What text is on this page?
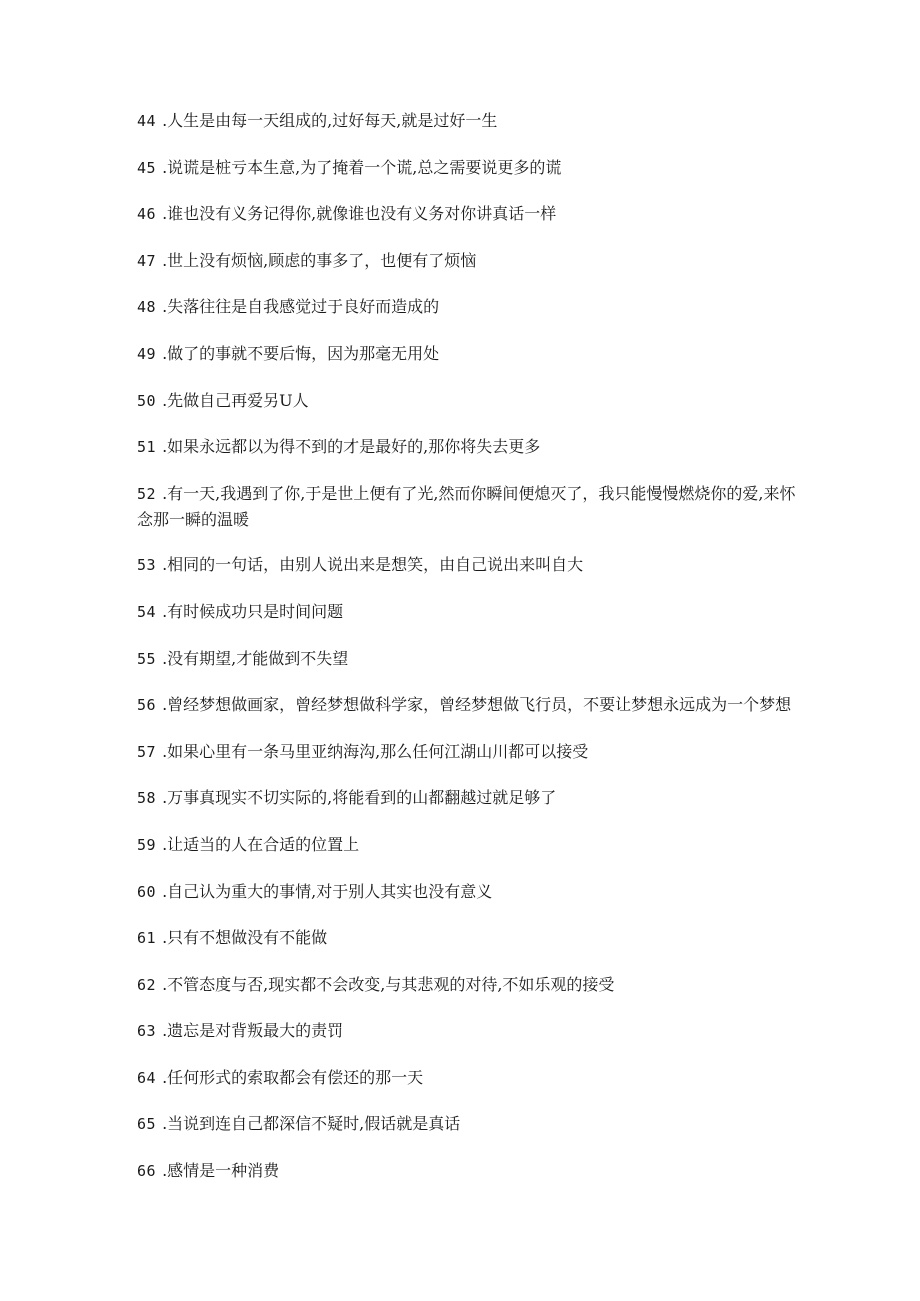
44 .人生是由每一天组成的,过好每天,就是过好一生
45 .说谎是桩亏本生意,为了掩着一个谎,总之需要说更多的谎
46 .谁也没有义务记得你,就像谁也没有义务对你讲真话一样
47 .世上没有烦恼,顾虑的事多了，也便有了烦恼
48 .失落往往是自我感觉过于良好而造成的
49 .做了的事就不要后悔，因为那毫无用处
50 .先做自己再爱另U人
51 .如果永远都以为得不到的才是最好的,那你将失去更多
52 .有一天,我遇到了你,于是世上便有了光,然而你瞬间便熄灭了，我只能慢慢燃烧你的爱,来怀念那一瞬的温暖
53 .相同的一句话，由别人说出来是想笑，由自己说出来叫自大
54 .有时候成功只是时间问题
55 .没有期望,才能做到不失望
56 .曾经梦想做画家，曾经梦想做科学家，曾经梦想做飞行员，不要让梦想永远成为一个梦想
57 .如果心里有一条马里亚纳海沟,那么任何江湖山川都可以接受
58 .万事真现实不切实际的,将能看到的山都翻越过就足够了
59 .让适当的人在合适的位置上
60 .自己认为重大的事情,对于别人其实也没有意义
61 .只有不想做没有不能做
62 .不管态度与否,现实都不会改变,与其悲观的对待,不如乐观的接受
63 .遗忘是对背叛最大的责罚
64 .任何形式的索取都会有偿还的那一天
65 .当说到连自己都深信不疑时,假话就是真话
66 .感情是一种消费
